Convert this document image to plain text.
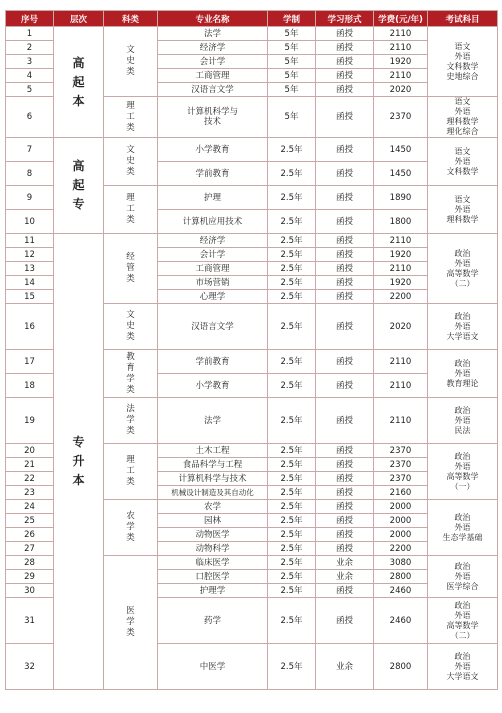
序号	层次	科类	专业名称	学制	学习形式	学费(元/年)	考试科目
1	高起本	文史类	法学	5年	函授	2110	语文
外语
文科数学
史地综合

2			经济学	5年	函授	2110	
3			会计学	5年	函授	1920	
4			工商管理	5年	函授	2110	
5			汉语言文学	5年	函授	2020	
6		理工类	计算机科学与
技术	5年	函授	2370	语文
外语
理科数学
理化综合

7	高起专	文史类	小学教育	2.5年	函授	1450	语文
外语
文科数学

8			学前教育	2.5年	函授	1450	
9		理工类	护理	2.5年	函授	1890	语文
外语
理科数学

10			计算机应用技术	2.5年	函授	1800	
11	专升本	经管类	经济学	2.5年	函授	2110	政治
外语
高等数学
（二）

12			会计学	2.5年	函授	1920	
13			工商管理	2.5年	函授	2110	
14			市场营销	2.5年	函授	1920	
15			心理学	2.5年	函授	2200	
16		文史类	汉语言文学	2.5年	函授	2020	政治
外语
大学语文

17		教育学类	学前教育	2.5年	函授	2110	政治
外语
教育理论

18			小学教育	2.5年	函授	2110	
19		法学类	法学	2.5年	函授	2110	政治
外语
民法

20		理工类	土木工程	2.5年	函授	2370	政治
外语
高等数学
（一）

21			食品科学与工程	2.5年	函授	2370	
22			计算机科学与技术	2.5年	函授	2370	
23			机械设计制造及其自动化	2.5年	函授	2160	
24		农学类	农学	2.5年	函授	2000	政治
外语
生态学基础

25			园林	2.5年	函授	2000	
26			动物医学	2.5年	函授	2000	
27			动物科学	2.5年	函授	2200	
28		医学类	临床医学	2.5年	业余	3080	政治
外语
医学综合

29			口腔医学	2.5年	业余	2800	
30			护理学	2.5年	函授	2460	
31			药学	2.5年	函授	2460	政治
外语
高等数学
（二）

32			中医学	2.5年	业余	2800	政治
外语
大学语文
